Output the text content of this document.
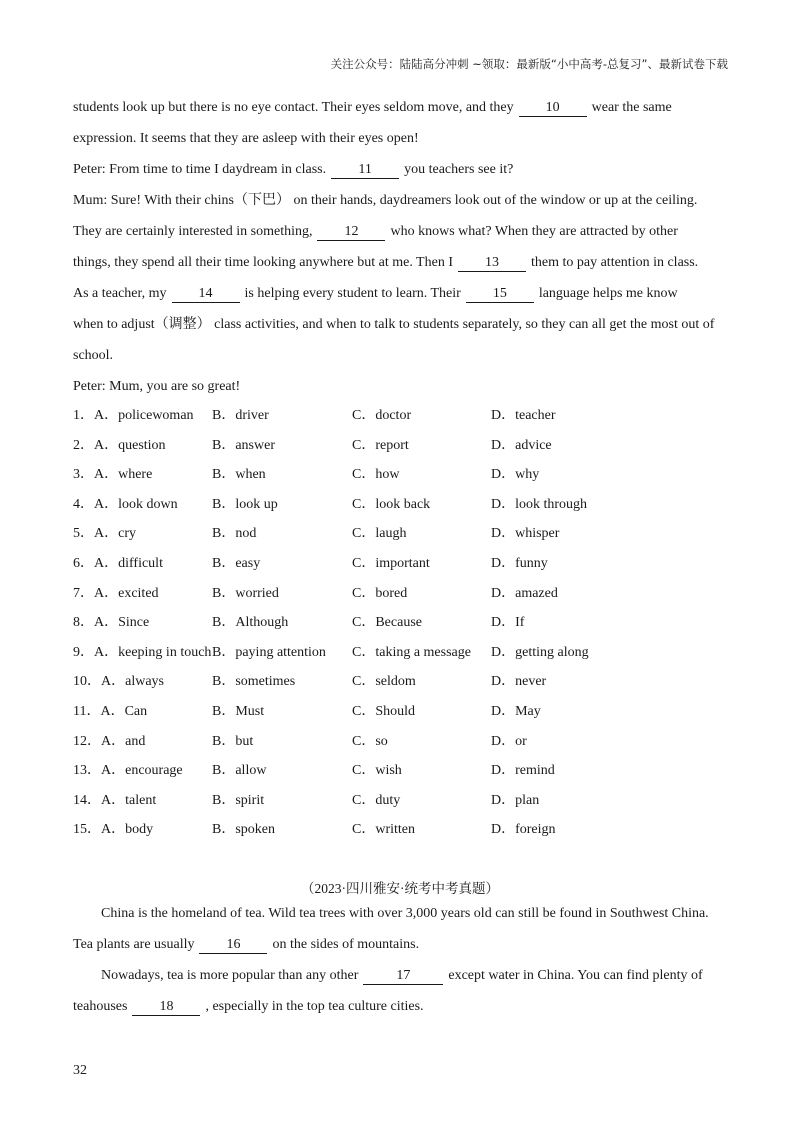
关注公众号：陆陆高分冲刺 ~领取：最新版“小中高考-总复习”、最新试卷下载
students look up but there is no eye contact. Their eyes seldom move, and they 10 wear the same
expression. It seems that they are asleep with their eyes open!
Peter: From time to time I daydream in class. 11 you teachers see it?
Mum: Sure! With their chins（下巴） on their hands, daydreamers look out of the window or up at the ceiling.
They are certainly interested in something, 12 who knows what? When they are attracted by other
things, they spend all their time looking anywhere but at me. Then I 13 them to pay attention in class.
As a teacher, my 14 is helping every student to learn. Their 15 language helps me know
when to adjust（调整） class activities, and when to talk to students separately, so they can all get the most out of
school.
Peter: Mum, you are so great!
1．A．policewoman B．driver	C．doctor	D．teacher
2．A．question	B．answer	C．report	D．advice
3．A．where	B．when	C．how	D．why
4．A．look down B．look up	C．look back	D．look through
5．A．cry	B．nod	C．laugh	D．whisper
6．A．difficult	B．easy	C．important	D．funny
7．A．excited	B．worried	C．bored	D．amazed
8．A．Since	B．Although	C．Because	D．If
9．A．keeping in touch B．paying attention C．taking a message D．getting along
10．A．always	B．sometimes	C．seldom	D．never
11．A．Can	B．Must	C．Should	D．May
12．A．and	B．but	C．so	D．or
13．A．encourage B．allow	C．wish	D．remind
14．A．talent	B．spirit	C．duty	D．plan
15．A．body	B．spoken	C．written	D．foreign
（2023·四川雅安·统考中考真题）
China is the homeland of tea. Wild tea trees with over 3,000 years old can still be found in Southwest China.
Tea plants are usually 16 on the sides of mountains.
Nowadays, tea is more popular than any other	17	except water in China. You can find plenty of
teahouses 18 , especially in the top tea culture cities.
32
